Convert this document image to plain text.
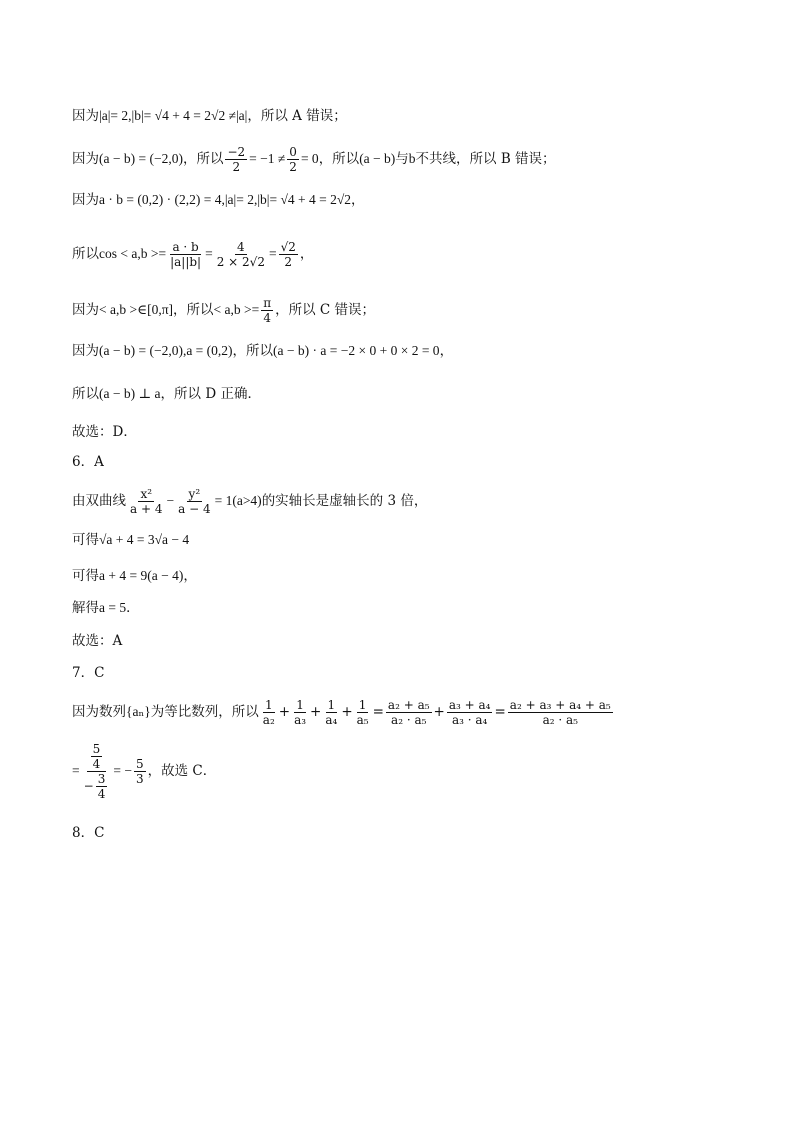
因为|a|= 2,|b|= √4 + 4 = 2√2 ≠|a|，所以 A 错误；
因为(a − b) = (−2,0)，所以 $\frac{-2}{2} = -1 \ne \frac{0}{2} = 0$，所以(a − b)与b不共线，所以 B 错误；
因为a · b = (0,2) · (2,2) = 4,|a|= 2,|b|= √4 + 4 = 2√2，
所以$\cos < a,b >= \frac{a \cdot b}{|a||b|} = \frac{4}{2 \times 2√2} = \frac{√2}{2}$ ，
因为< a,b >∈[0,π]，所以< $a,b >= \frac{\pi}{4}$ ，所以 C 错误；
因为(a − b) = (−2,0),a = (0,2)，所以(a − b) · a = −2 × 0 + 0 × 2 = 0，
所以(a − b) ⊥ a，所以 D 正确．
故选：D．
6．A
由双曲线 $\frac{\text{x²}}{a + 4} - \frac{\text{y²}}{a - 4} = 1(a>4)$的实轴长是虚轴长的 3 倍，
可得√a + 4 = 3√a − 4
可得a + 4 = 9(a − 4)，
解得a = 5．
故选：A
7．C
因为数列{aₙ}为等比数列，所以 $\frac{1}{\text{a₂}} + \frac{1}{\text{a₃}} + \frac{1}{\text{a₄}} + \frac{1}{\text{a₅}} = \frac{\text{a₂ + a₅}}{\text{a₂ · a₅}} + \frac{\text{a₃ + a₄}}{\text{a₃ · a₄}} = \frac{\text{a₂ + a₃ + a₄ + a₅}}{\text{a₂ · a₅}}$
= $\frac{\frac{5}{4}}{- \frac{3}{4}}$ = − $\frac{5}{3}$ ，故选 C．
8．C
